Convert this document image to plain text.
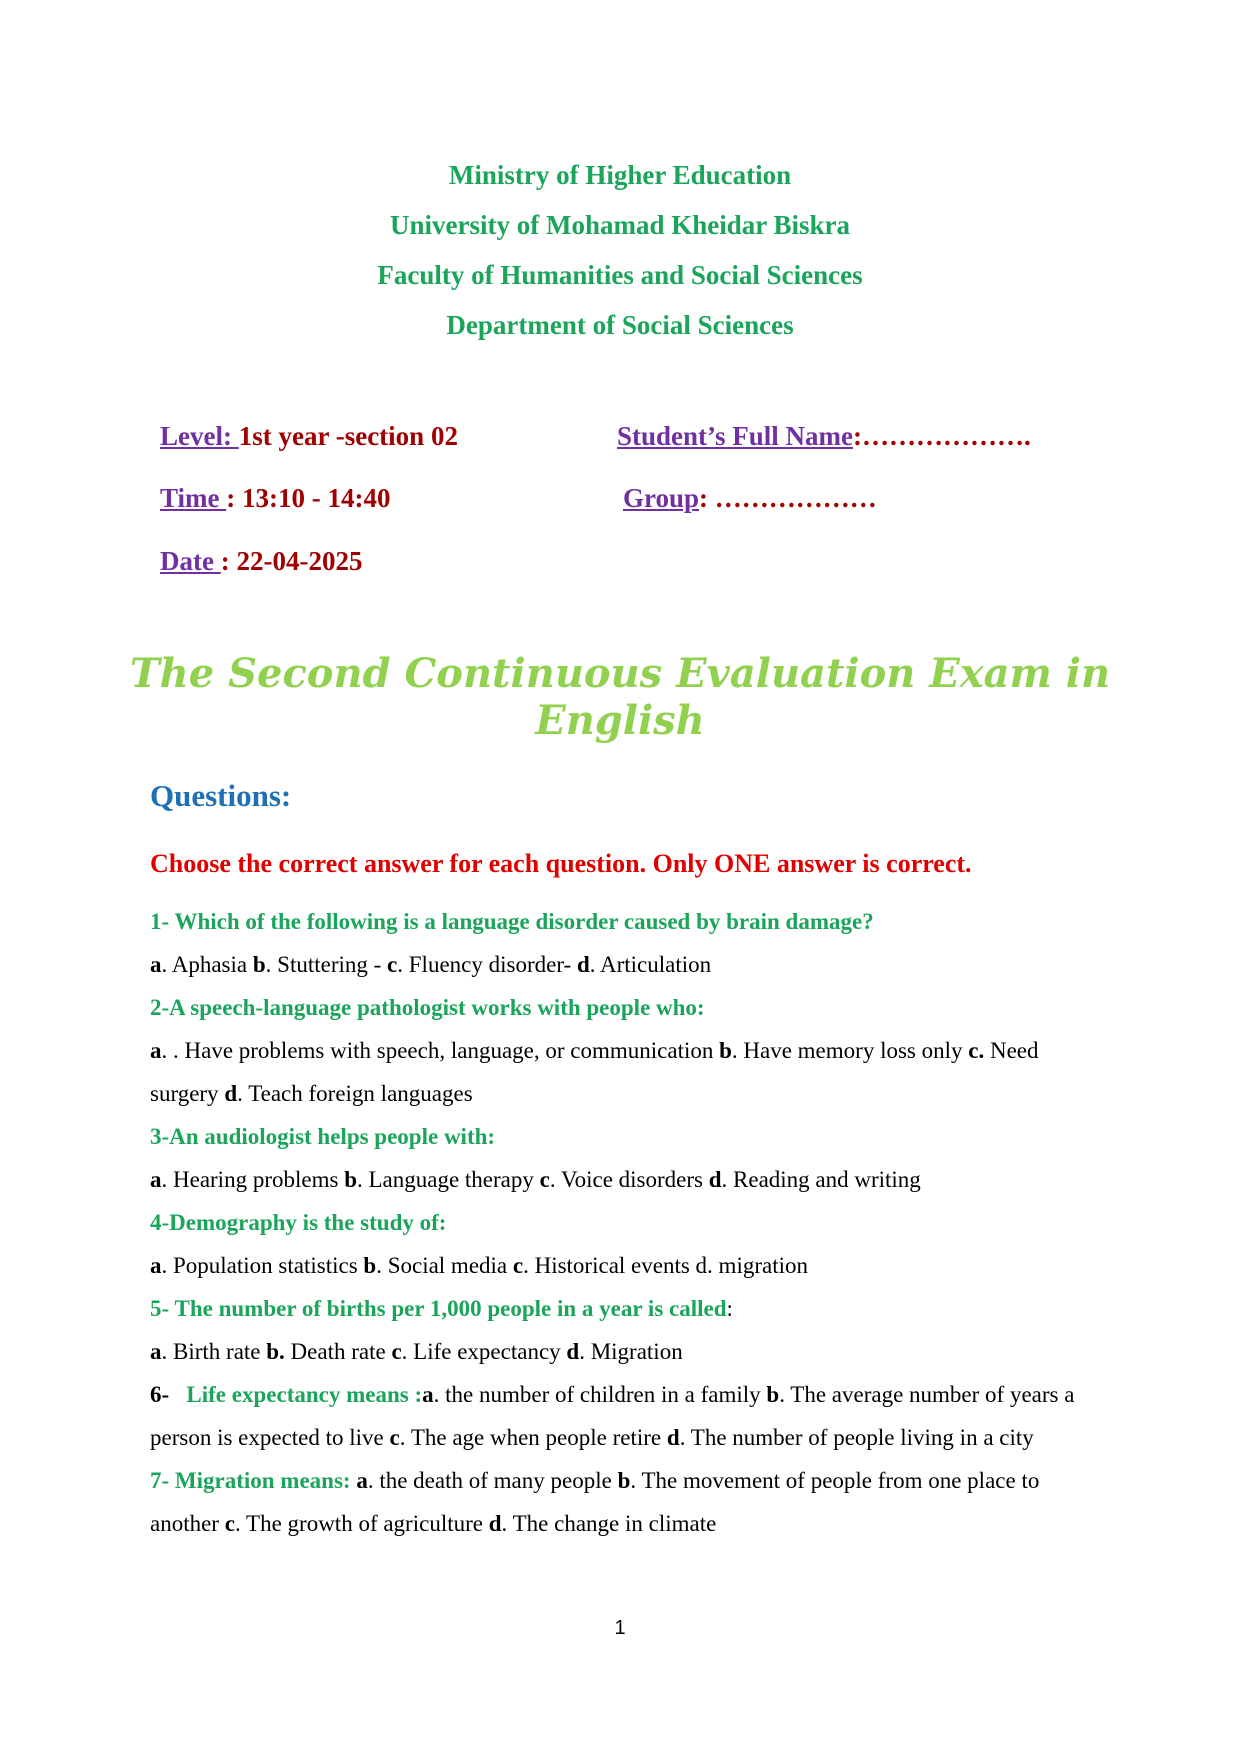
Ministry of Higher Education

University of Mohamad Kheidar Biskra

Faculty of Humanities and Social Sciences

Department of Social Sciences

Level: 1st year -section 02
Time : 13:10 - 14:40
Date : 22-04-2025
Student’s Full Name:……………….
Group: ………………
The Second Continuous Evaluation Exam in
English

Questions:

Choose the correct answer for each question. Only ONE answer is correct.

1- Which of the following is a language disorder caused by brain damage?

a. Aphasia b. Stuttering - c. Fluency disorder- d. Articulation

2-A speech-language pathologist works with people who:

a. . Have problems with speech, language, or communication b. Have memory loss only c. Need surgery d. Teach foreign languages

3-An audiologist helps people with:

a. Hearing problems b. Language therapy c. Voice disorders d. Reading and writing

4-Demography is the study of:

a. Population statistics b. Social media c. Historical events d. migration

5- The number of births per 1,000 people in a year is called:

a. Birth rate b. Death rate c. Life expectancy d. Migration

6-   Life expectancy means :a. the number of children in a family b. The average number of years a person is expected to live c. The age when people retire d. The number of people living in a city

7- Migration means: a. the death of many people b. The movement of people from one place to another c. The growth of agriculture d. The change in climate

1
